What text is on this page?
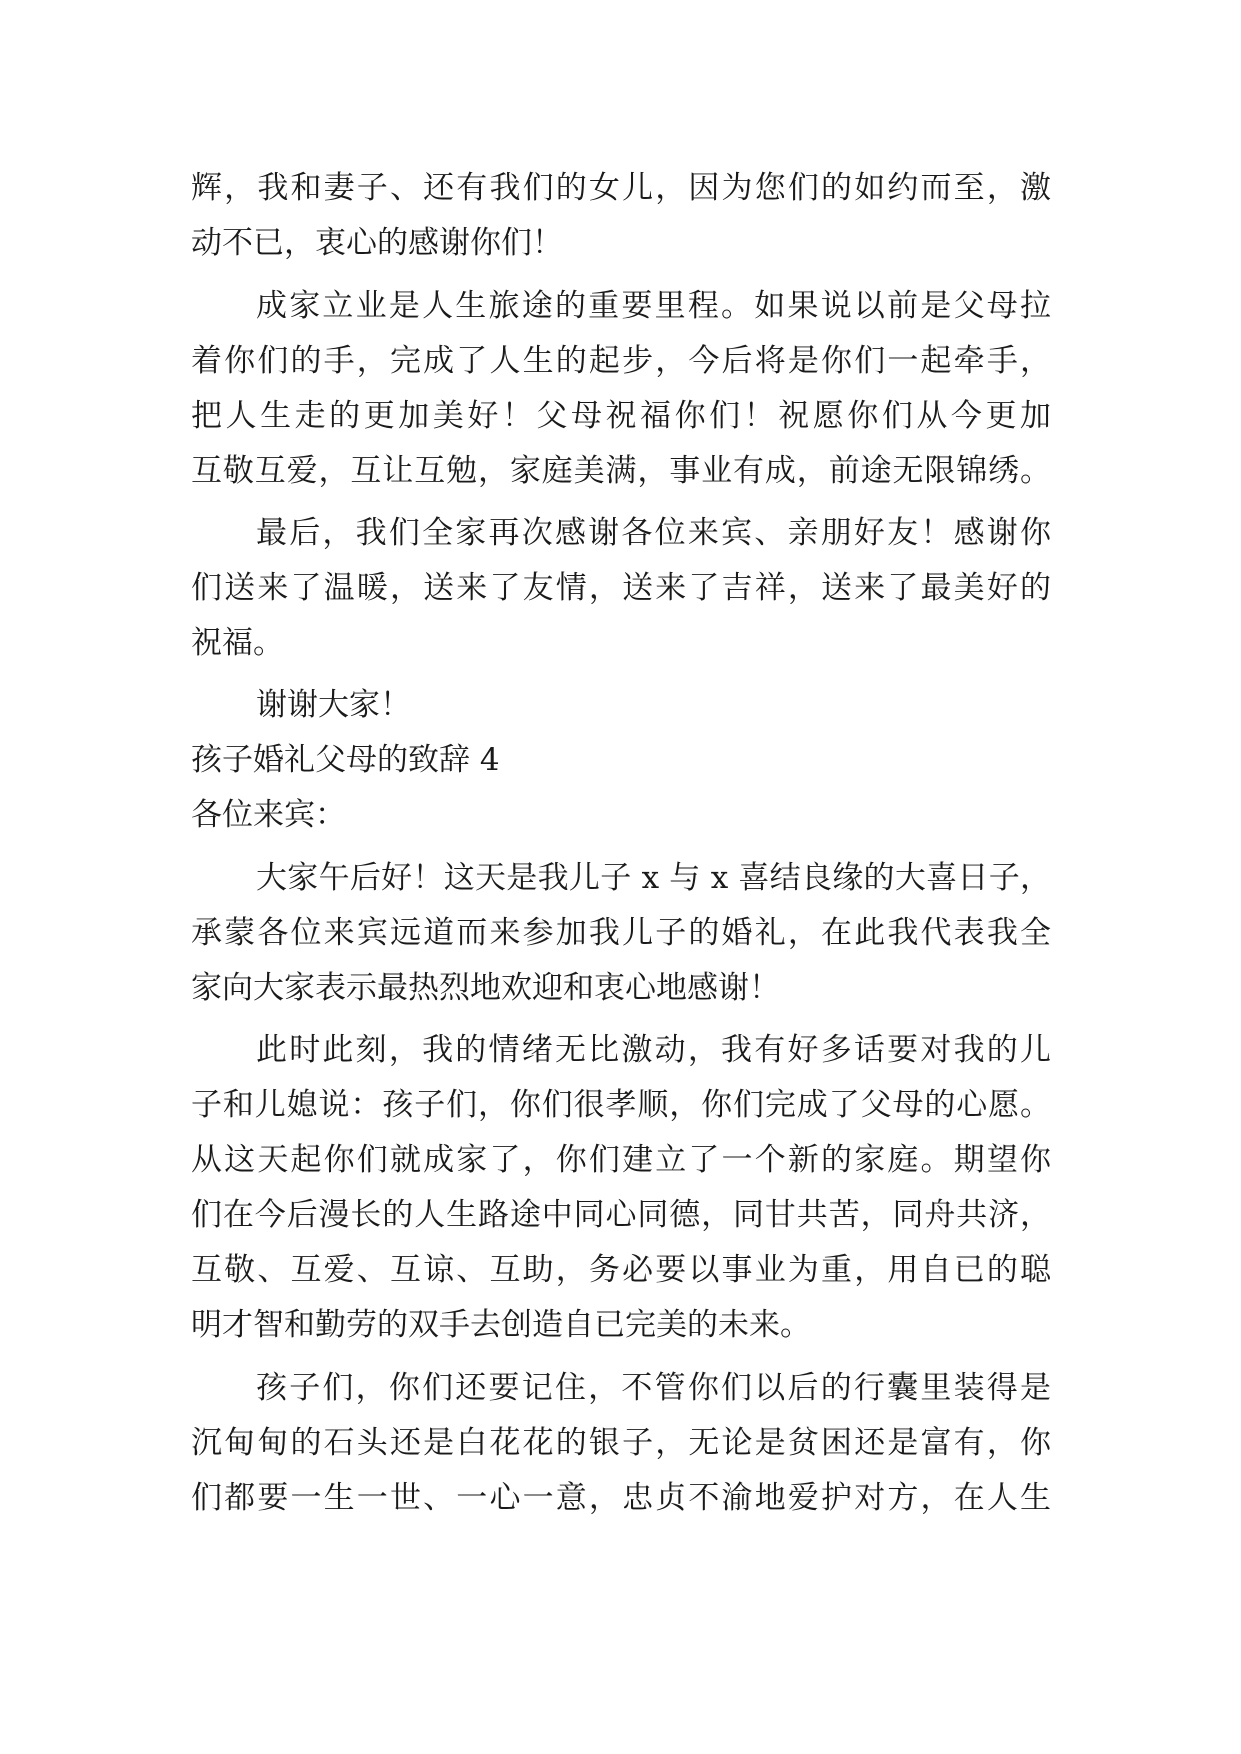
辉，我和妻子、还有我们的女儿，因为您们的如约而至，激
动不已，衷心的感谢你们！
成家立业是人生旅途的重要里程。如果说以前是父母拉
着你们的手，完成了人生的起步，今后将是你们一起牵手，
把人生走的更加美好！父母祝福你们！祝愿你们从今更加
互敬互爱，互让互勉，家庭美满，事业有成，前途无限锦绣。
最后，我们全家再次感谢各位来宾、亲朋好友！感谢你
们送来了温暖，送来了友情，送来了吉祥，送来了最美好的
祝福。
谢谢大家！
孩子婚礼父母的致辞 4
各位来宾：
大家午后好！这天是我儿子 x 与 x 喜结良缘的大喜日子，
承蒙各位来宾远道而来参加我儿子的婚礼，在此我代表我全
家向大家表示最热烈地欢迎和衷心地感谢！
此时此刻，我的情绪无比激动，我有好多话要对我的儿
子和儿媳说：孩子们，你们很孝顺，你们完成了父母的心愿。
从这天起你们就成家了，你们建立了一个新的家庭。期望你
们在今后漫长的人生路途中同心同德，同甘共苦，同舟共济，
互敬、互爱、互谅、互助，务必要以事业为重，用自已的聪
明才智和勤劳的双手去创造自已完美的未来。
孩子们，你们还要记住，不管你们以后的行囊里装得是
沉甸甸的石头还是白花花的银子，无论是贫困还是富有，你
们都要一生一世、一心一意，忠贞不渝地爱护对方，在人生
